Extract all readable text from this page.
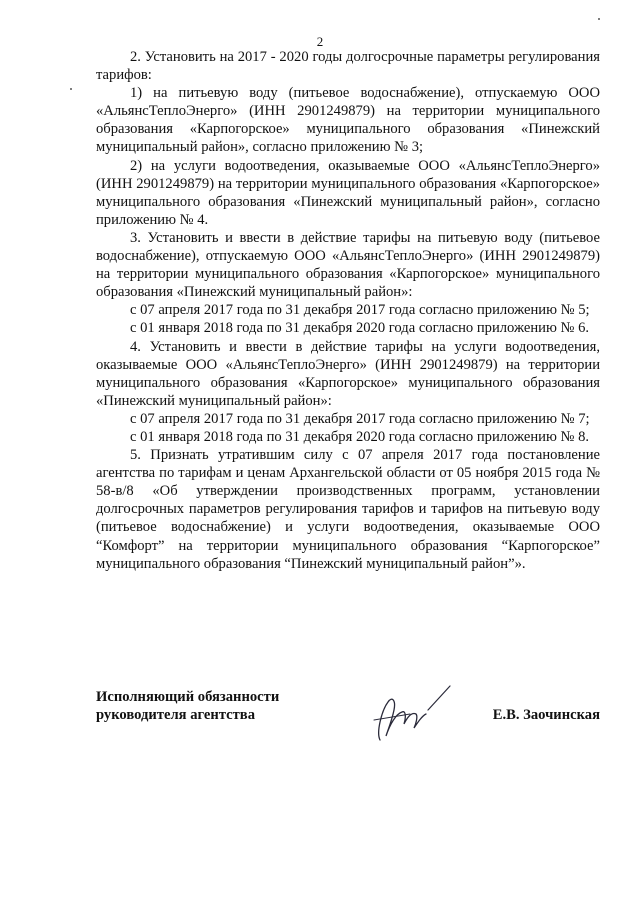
2

2. Установить на 2017 - 2020 годы долгосрочные параметры регулирования тарифов:

1) на питьевую воду (питьевое водоснабжение), отпускаемую ООО «АльянсТеплоЭнерго» (ИНН 2901249879) на территории муниципального образования «Карпогорское» муниципального образования «Пинежский муниципальный район», согласно приложению № 3;

2) на услуги водоотведения, оказываемые ООО «АльянсТеплоЭнерго» (ИНН 2901249879) на территории муниципального образования «Карпогорское» муниципального образования «Пинежский муниципальный район», согласно приложению № 4.

3. Установить и ввести в действие тарифы на питьевую воду (питьевое водоснабжение), отпускаемую ООО «АльянсТеплоЭнерго» (ИНН 2901249879) на территории муниципального образования «Карпогорское» муниципального образования «Пинежский муниципальный район»:

с 07 апреля 2017 года по 31 декабря 2017 года согласно приложению № 5;

с 01 января 2018 года по 31 декабря 2020 года согласно приложению № 6.

4. Установить и ввести в действие тарифы на услуги водоотведения, оказываемые ООО «АльянсТеплоЭнерго» (ИНН 2901249879) на территории муниципального образования «Карпогорское» муниципального образования «Пинежский муниципальный район»:

с 07 апреля 2017 года по 31 декабря 2017 года согласно приложению № 7;

с 01 января 2018 года по 31 декабря 2020 года согласно приложению № 8.

5. Признать утратившим силу с 07 апреля 2017 года постановление агентства по тарифам и ценам Архангельской области от 05 ноября 2015 года № 58-в/8 «Об утверждении производственных программ, установлении долгосрочных параметров регулирования тарифов и тарифов на питьевую воду (питьевое водоснабжение) и услуги водоотведения, оказываемые ООО “Комфорт” на территории муниципального образования “Карпогорское” муниципального образования “Пинежский муниципальный район”».

Исполняющий обязанности
руководителя агентства	Е.В. Заочинская
